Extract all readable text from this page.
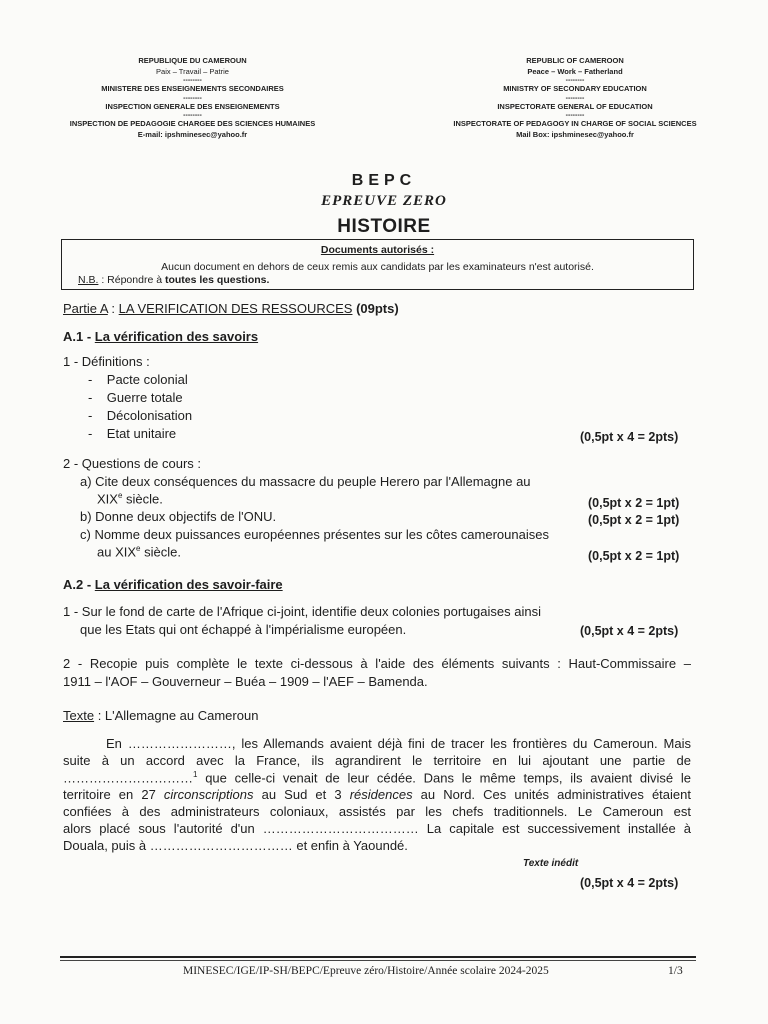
REPUBLIQUE DU CAMEROUN
Paix – Travail – Patrie
--------
MINISTERE DES ENSEIGNEMENTS SECONDAIRES
--------
INSPECTION GENERALE DES ENSEIGNEMENTS
--------
INSPECTION DE PEDAGOGIE CHARGEE DES SCIENCES HUMAINES
E-mail: ipshminesec@yahoo.fr
REPUBLIC OF CAMEROON
Peace – Work – Fatherland
--------
MINISTRY OF SECONDARY EDUCATION
--------
INSPECTORATE GENERAL OF EDUCATION
--------
INSPECTORATE OF PEDAGOGY IN CHARGE OF SOCIAL SCIENCES
Mail Box: ipshminesec@yahoo.fr
BEPC
EPREUVE ZERO
HISTOIRE
Documents autorisés :
Aucun document en dehors de ceux remis aux candidats par les examinateurs n'est autorisé.
N.B. : Répondre à toutes les questions.
Partie A : LA VERIFICATION DES RESSOURCES (09pts)
A.1 - La vérification des savoirs
1 - Définitions :
-    Pacte colonial
-    Guerre totale
-    Décolonisation
-    Etat unitaire	(0,5pt x 4 = 2pts)
2 - Questions de cours :
a) Cite deux conséquences du massacre du peuple Herero par l'Allemagne au
XIXe siècle.	(0,5pt x 2 = 1pt)
b) Donne deux objectifs de l'ONU.	(0,5pt x 2 = 1pt)
c) Nomme deux puissances européennes présentes sur les côtes camerounaises
au XIXe siècle.	(0,5pt x 2 = 1pt)
A.2 - La vérification des savoir-faire
1 - Sur le fond de carte de l'Afrique ci-joint, identifie deux colonies portugaises ainsi
que les Etats qui ont échappé à l'impérialisme européen.	(0,5pt x 4 = 2pts)
2 - Recopie puis complète le texte ci-dessous à l'aide des éléments suivants : Haut-Commissaire –
1911 – l'AOF – Gouverneur – Buéa – 1909 – l'AEF – Bamenda.
Texte : L'Allemagne au Cameroun
En ……………………, les Allemands avaient déjà fini de tracer les frontières du Cameroun. Mais
suite à un accord avec la France, ils agrandirent le territoire en lui ajoutant une partie de
…………………………$^1$ que celle-ci venait de leur cédée. Dans le même temps, ils avaient divisé le
territoire en 27 circonscriptions au Sud et 3 résidences au Nord. Ces unités administratives étaient
confiées à des administrateurs coloniaux, assistés par les chefs traditionnels. Le Cameroun est
alors placé sous l'autorité d'un ……………………………… La capitale est successivement installée à
Douala, puis à …………………………… et enfin à Yaoundé.
Texte inédit
(0,5pt x 4 = 2pts)
MINESEC/IGE/IP-SH/BEPC/Epreuve zéro/Histoire/Année scolaire 2024-2025	1/3
